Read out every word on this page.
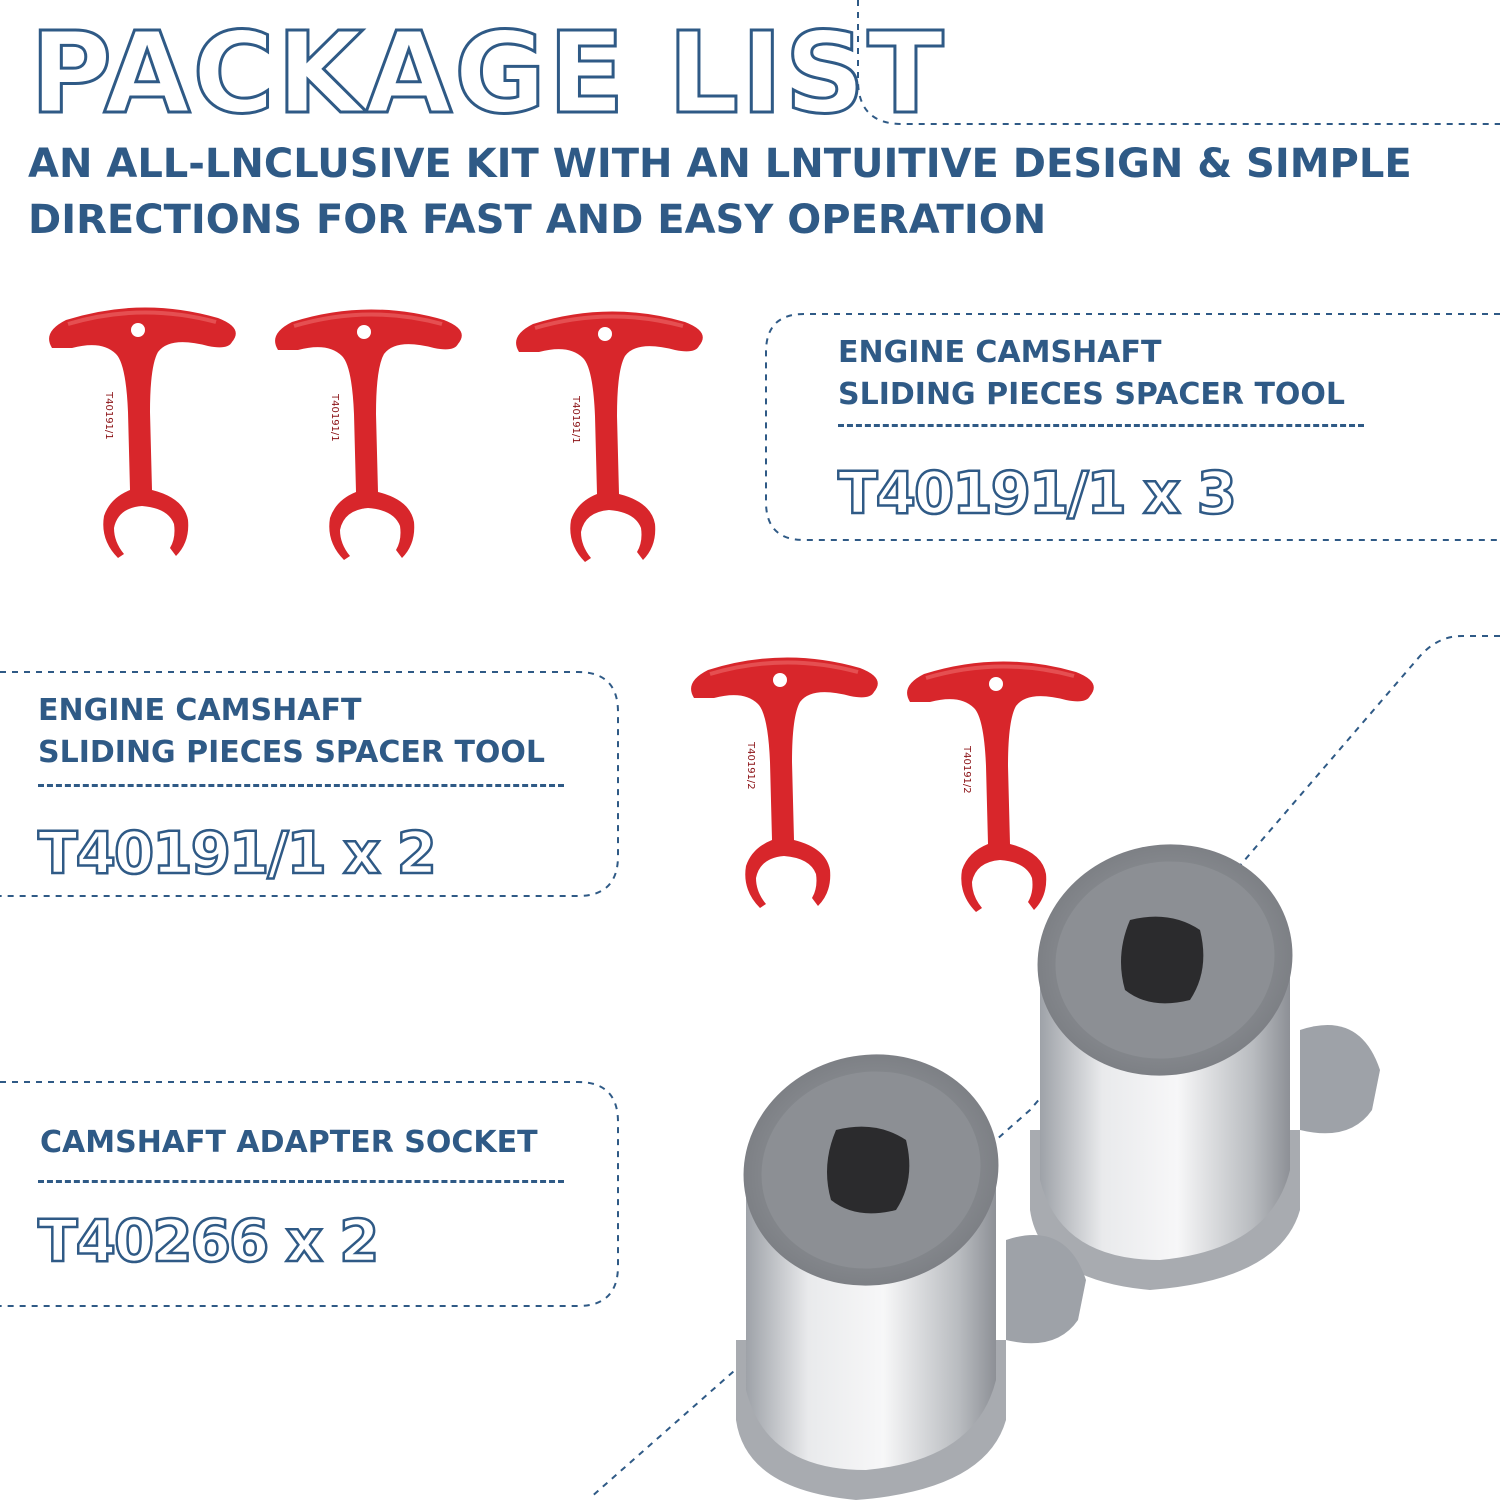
PACKAGE LIST
AN ALL-LNCLUSIVE KIT WITH AN LNTUITIVE DESIGN & SIMPLE
DIRECTIONS FOR FAST AND EASY OPERATION
ENGINE CAMSHAFT
SLIDING PIECES SPACER TOOL
T40191/1 x 3
ENGINE CAMSHAFT
SLIDING PIECES SPACER TOOL
T40191/1 x 2
CAMSHAFT ADAPTER SOCKET
T40266 x 2
T40191/1	T40191/1	T40191/1
T40191/2	T40191/2
